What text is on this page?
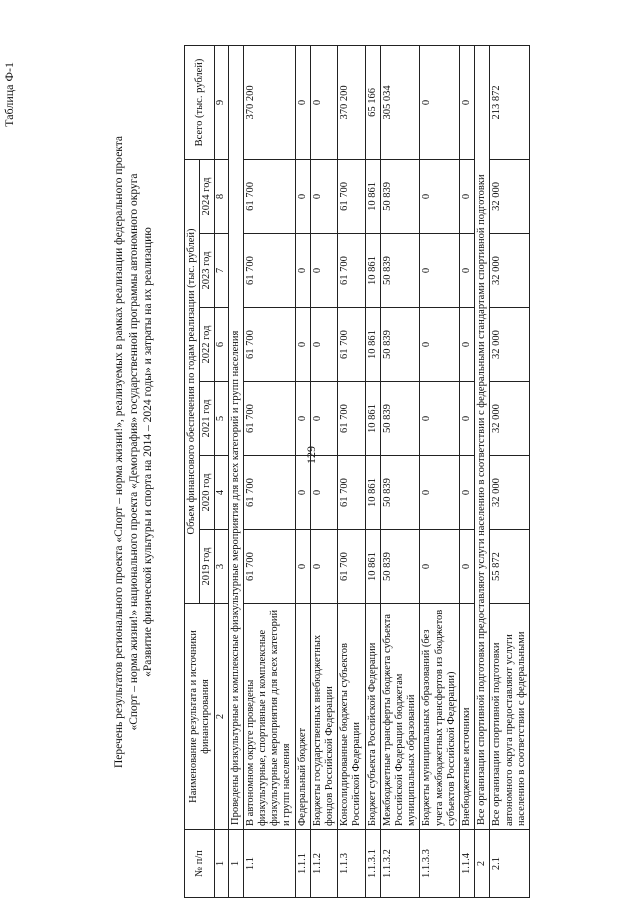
129
Таблица Ф-1
Перечень результатов регионального проекта «Спорт – норма жизни!», реализуемых в рамках реализации федерального проекта «Спорт – норма жизни!» национального проекта «Демография» государственной программы автономного округа «Развитие физической культуры и спорта на 2014 – 2024 годы» и затраты на их реализацию
№ п/п	Наименование результата и источники финансирования	Объем финансового обеспечения по годам реализации (тыс. рублей)						Всего (тыс. рублей)
		2019 год	2020 год	2021 год	2022 год	2023 год	2024 год	
1	2	3	4	5	6	7	8	9
1	Проведены физкультурные и комплексные физкультурные мероприятия для всех категорий и групп населения							
1.1	В автономном округе проведены физкультурные, спортивные и комплексные физкультурные мероприятия для всех категорий и групп населения	61 700	61 700	61 700	61 700	61 700	61 700	370 200
1.1.1	Федеральный бюджет	0	0	0	0	0	0	0
1.1.2	Бюджеты государственных внебюджетных фондов Российской Федерации	0	0	0	0	0	0	0
1.1.3	Консолидированные бюджеты субъектов Российской Федерации	61 700	61 700	61 700	61 700	61 700	61 700	370 200
1.1.3.1	Бюджет субъекта Российской Федерации	10 861	10 861	10 861	10 861	10 861	10 861	65 166
1.1.3.2	Межбюджетные трансферты бюджета субъекта Российской Федерации бюджетам муниципальных образований	50 839	50 839	50 839	50 839	50 839	50 839	305 034
1.1.3.3	Бюджеты муниципальных образований (без учета межбюджетных трансфертов из бюджетов субъектов Российской Федерации)	0	0	0	0	0	0	0
1.1.4	Внебюджетные источники	0	0	0	0	0	0	0
2	Все организации спортивной подготовки предоставляют услуги населению в соответствии с федеральными стандартами спортивной подготовки							
2.1	Все организации спортивной подготовки автономного округа предоставляют услуги населению в соответствии с федеральными	55 872	32 000	32 000	32 000	32 000	32 000	213 872
